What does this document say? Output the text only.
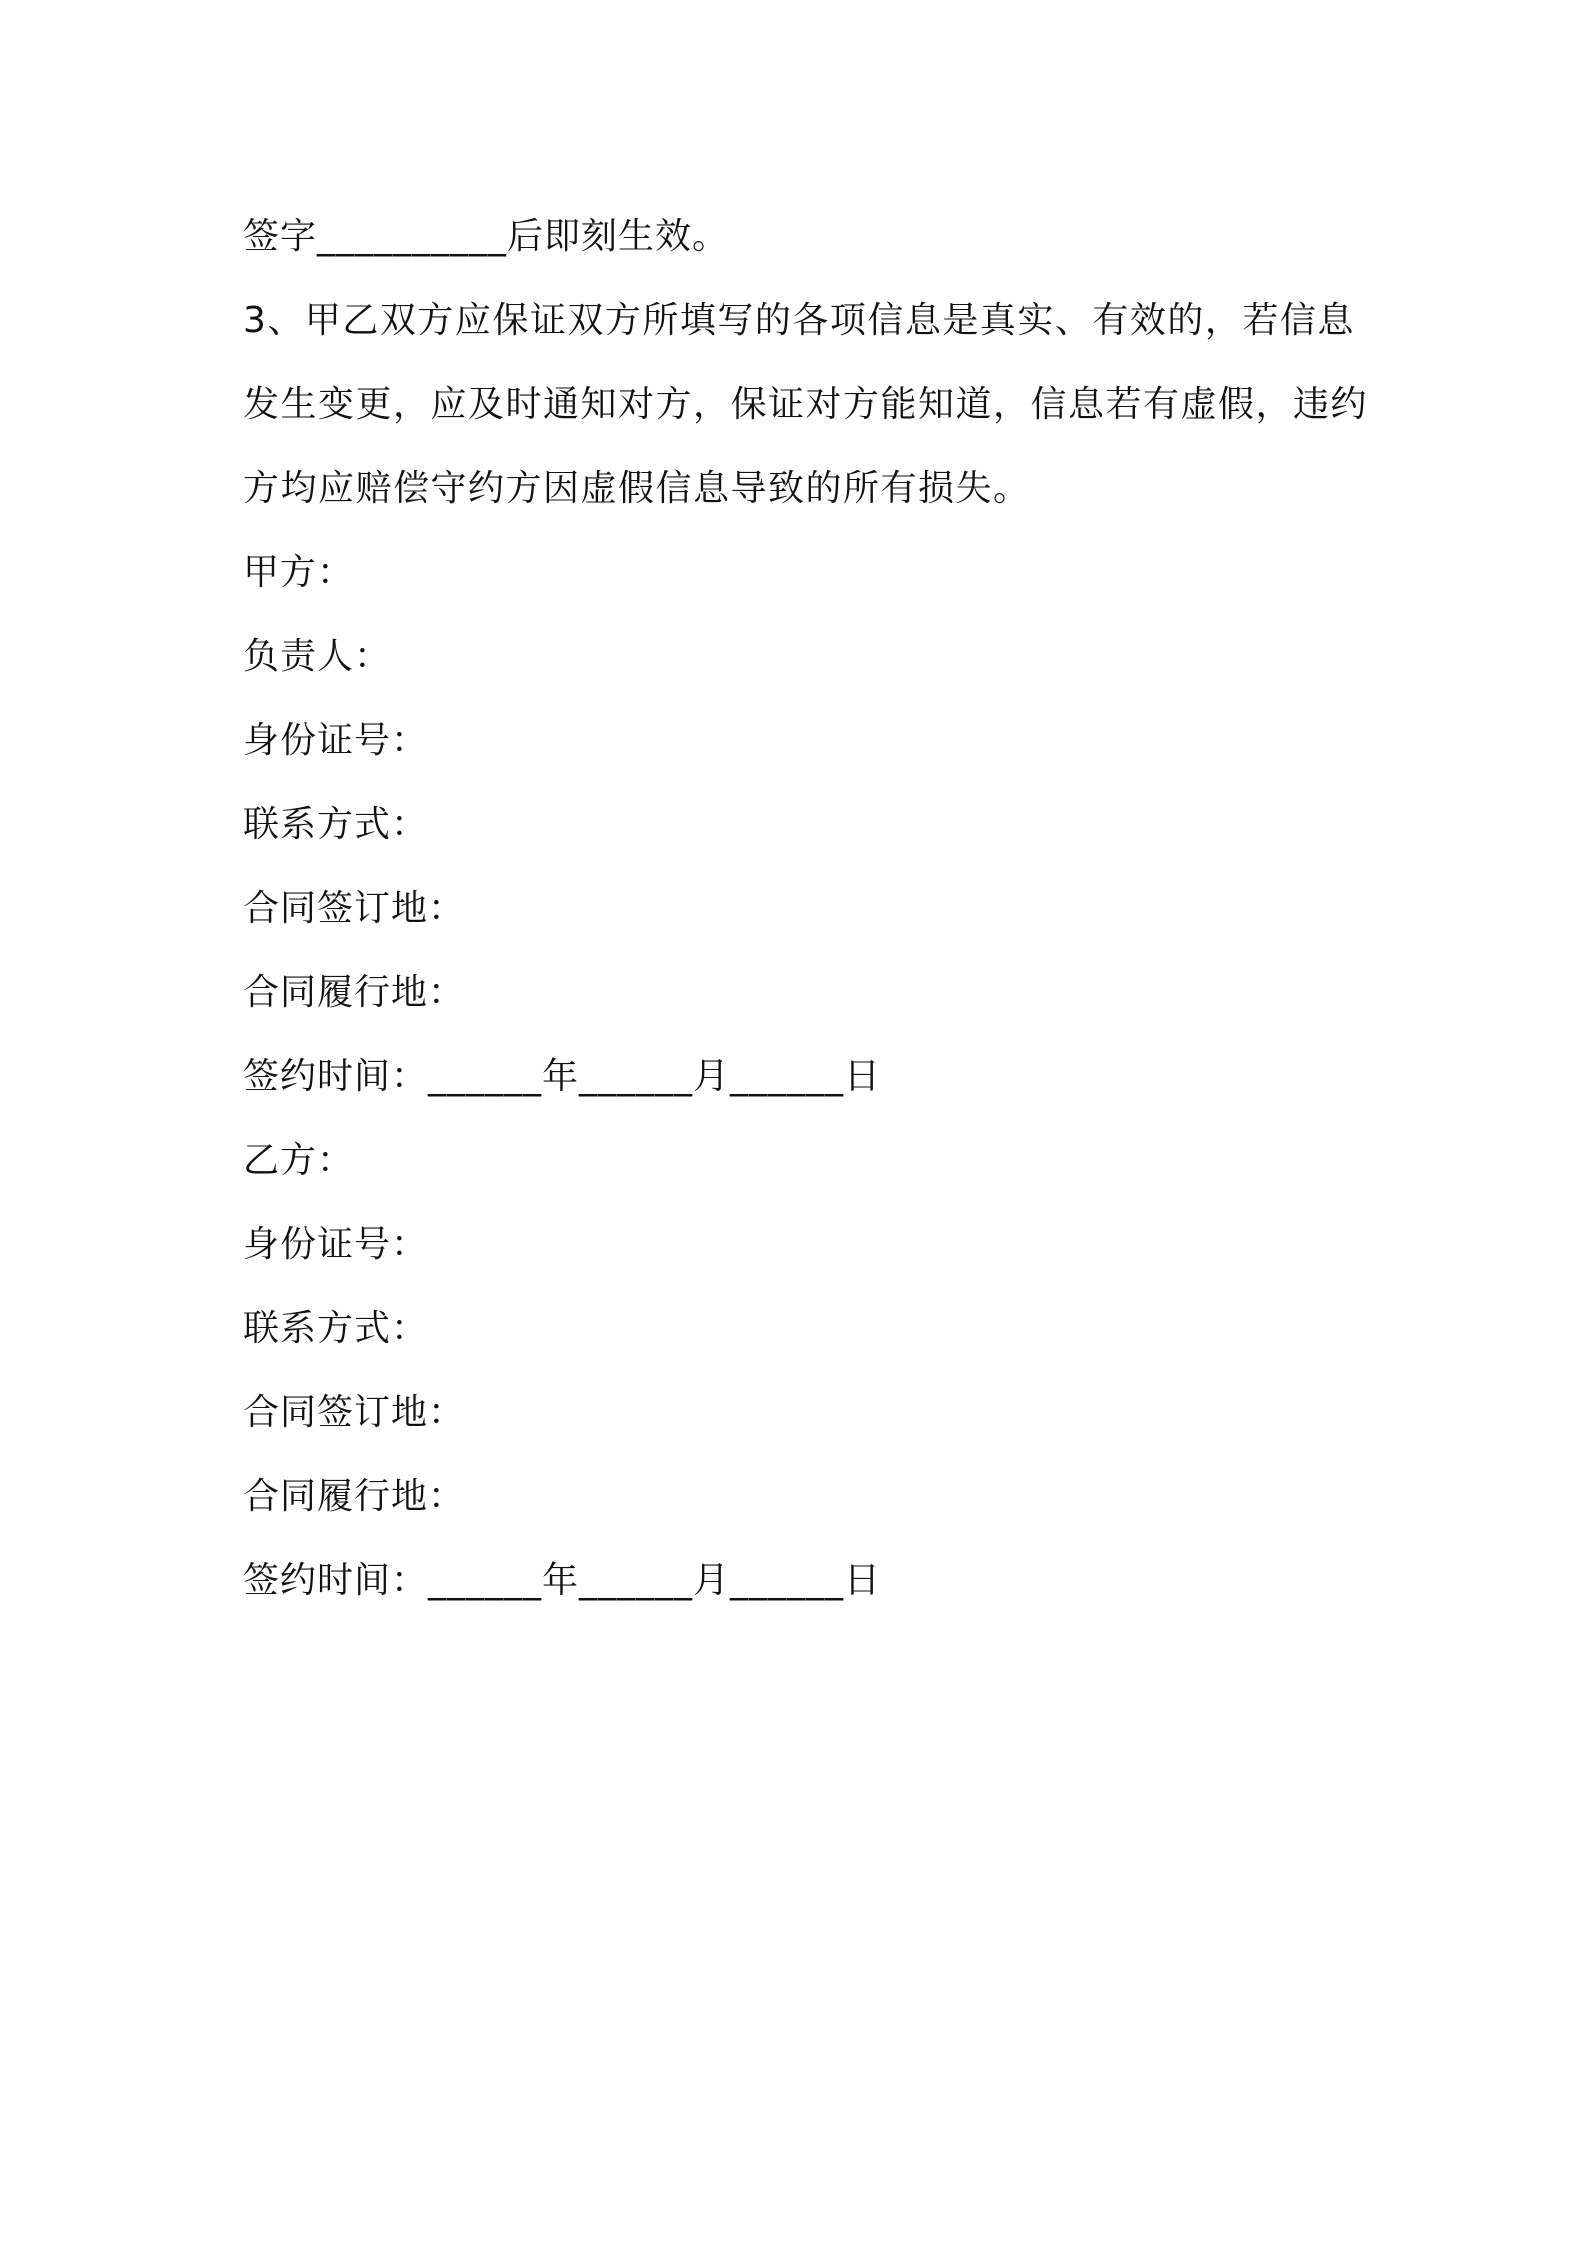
签字__________后即刻生效。
3、甲乙双方应保证双方所填写的各项信息是真实、有效的，若信息
发生变更，应及时通知对方，保证对方能知道，信息若有虚假，违约
方均应赔偿守约方因虚假信息导致的所有损失。
甲方：
负责人：
身份证号：
联系方式：
合同签订地：
合同履行地：
签约时间：______年______月______日
乙方：
身份证号：
联系方式：
合同签订地：
合同履行地：
签约时间：______年______月______日
